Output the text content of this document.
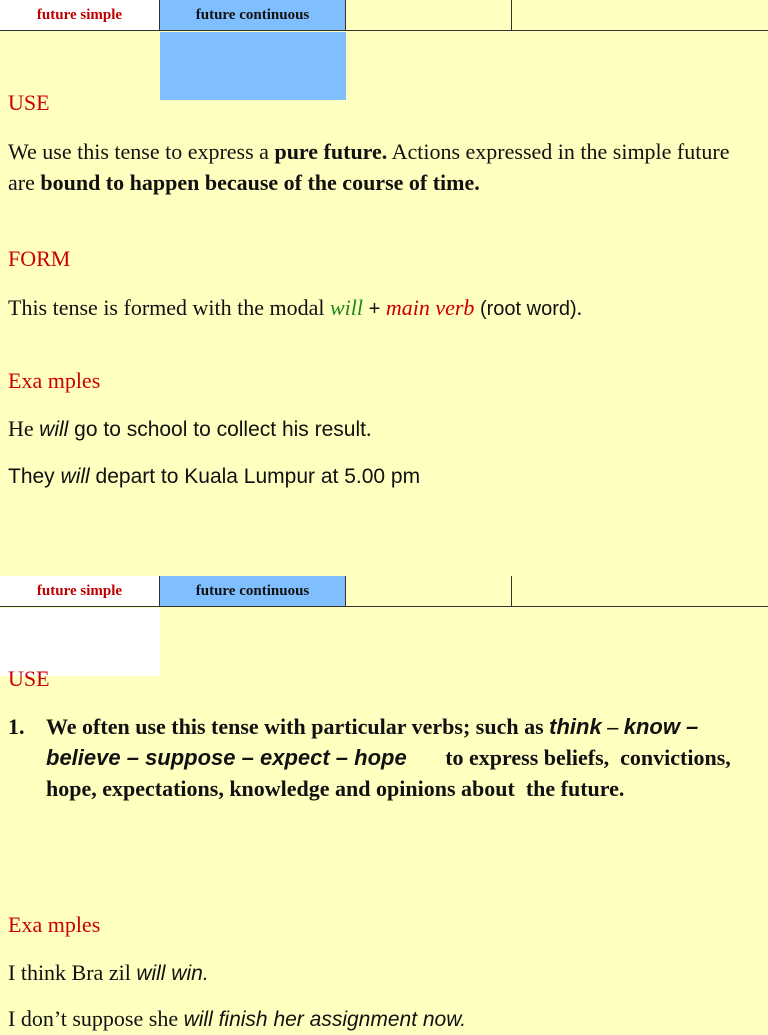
future simple	future continuous
USE
We use this tense to express a pure future. Actions expressed in the simple future are bound to happen because of the course of time.
FORM
This tense is formed with the modal will + main verb (root word).
Exa mples
He will go to school to collect his result.
They will depart to Kuala Lumpur at 5.00 pm
future simple	future continuous
USE
1. We often use this tense with particular verbs; such as think – know – believe – suppose – expect – hope       to express beliefs,  convictions, hope, expectations, knowledge and opinions about  the future.
Exa mples
I think Bra zil will win.
I don’t suppose she will finish her assignment now.
